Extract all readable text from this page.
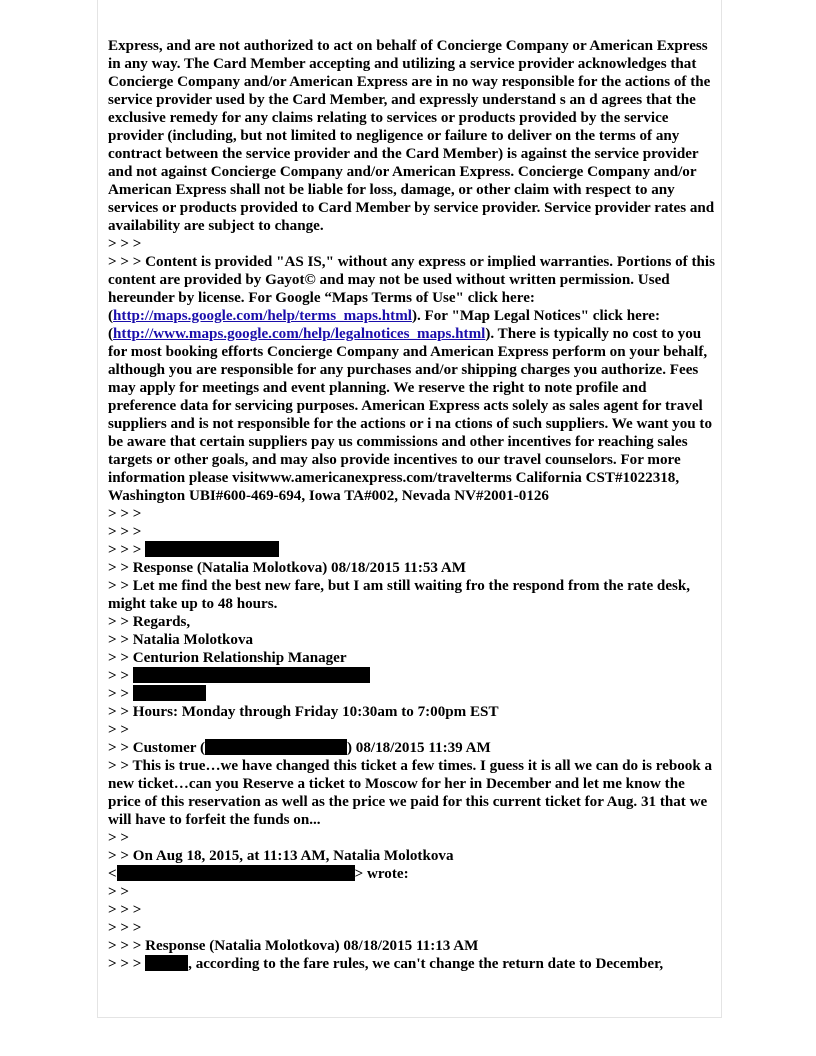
Express, and are not authorized to act on behalf of Concierge Company or American Express in any way. The Card Member accepting and utilizing a service provider acknowledges that Concierge Company and/or American Express are in no way responsible for the actions of the service provider used by the Card Member, and expressly understand s an d agrees that the exclusive remedy for any claims relating to services or products provided by the service provider (including, but not limited to negligence or failure to deliver on the terms of any contract between the service provider and the Card Member) is against the service provider and not against Concierge Company and/or American Express. Concierge Company and/or American Express shall not be liable for loss, damage, or other claim with respect to any services or products provided to Card Member by service provider. Service provider rates and availability are subject to change.

> > >

> > > Content is provided "AS IS," without any express or implied warranties. Portions of this content are provided by Gayot© and may not be used without written permission. Used hereunder by license. For Google “Maps Terms of Use" click here: (http://maps.google.com/help/terms_maps.html). For "Map Legal Notices" click here: (http://www.maps.google.com/help/legalnotices_maps.html). There is typically no cost to you for most booking efforts Concierge Company and American Express perform on your behalf, although you are responsible for any purchases and/or shipping charges you authorize. Fees may apply for meetings and event planning. We reserve the right to note profile and preference data for servicing purposes. American Express acts solely as sales agent for travel suppliers and is not responsible for the actions or i na ctions of such suppliers. We want you to be aware that certain suppliers pay us commissions and other incentives for reaching sales targets or other goals, and may also provide incentives to our travel counselors. For more information please visitwww.americanexpress.com/travelterms California CST#1022318, Washington UBI#600-469-694, Iowa TA#002, Nevada NV#2001-0126

> > >

> > >

> > >

> > Response (Natalia Molotkova) 08/18/2015 11:53 AM

> > Let me find the best new fare, but I am still waiting fro the respond from the rate desk, might take up to 48 hours.

> > Regards,

> > Natalia Molotkova

> > Centurion Relationship Manager

> >

> >

> > Hours: Monday through Friday 10:30am to 7:00pm EST

> >

> > Customer (	) 08/18/2015 11:39 AM

> > This is true…we have changed this ticket a few times. I guess it is all we can do is rebook a new ticket…can you Reserve a ticket to Moscow for her in December and let me know the price of this reservation as well as the price we paid for this current ticket for Aug. 31 that we will have to forfeit the funds on...

> >

> > On Aug 18, 2015, at 11:13 AM, Natalia Molotkova

<	> wrote:

> >

> > >

> > >

> > > Response (Natalia Molotkova) 08/18/2015 11:13 AM

> > >	, according to the fare rules, we can't change the return date to December,
